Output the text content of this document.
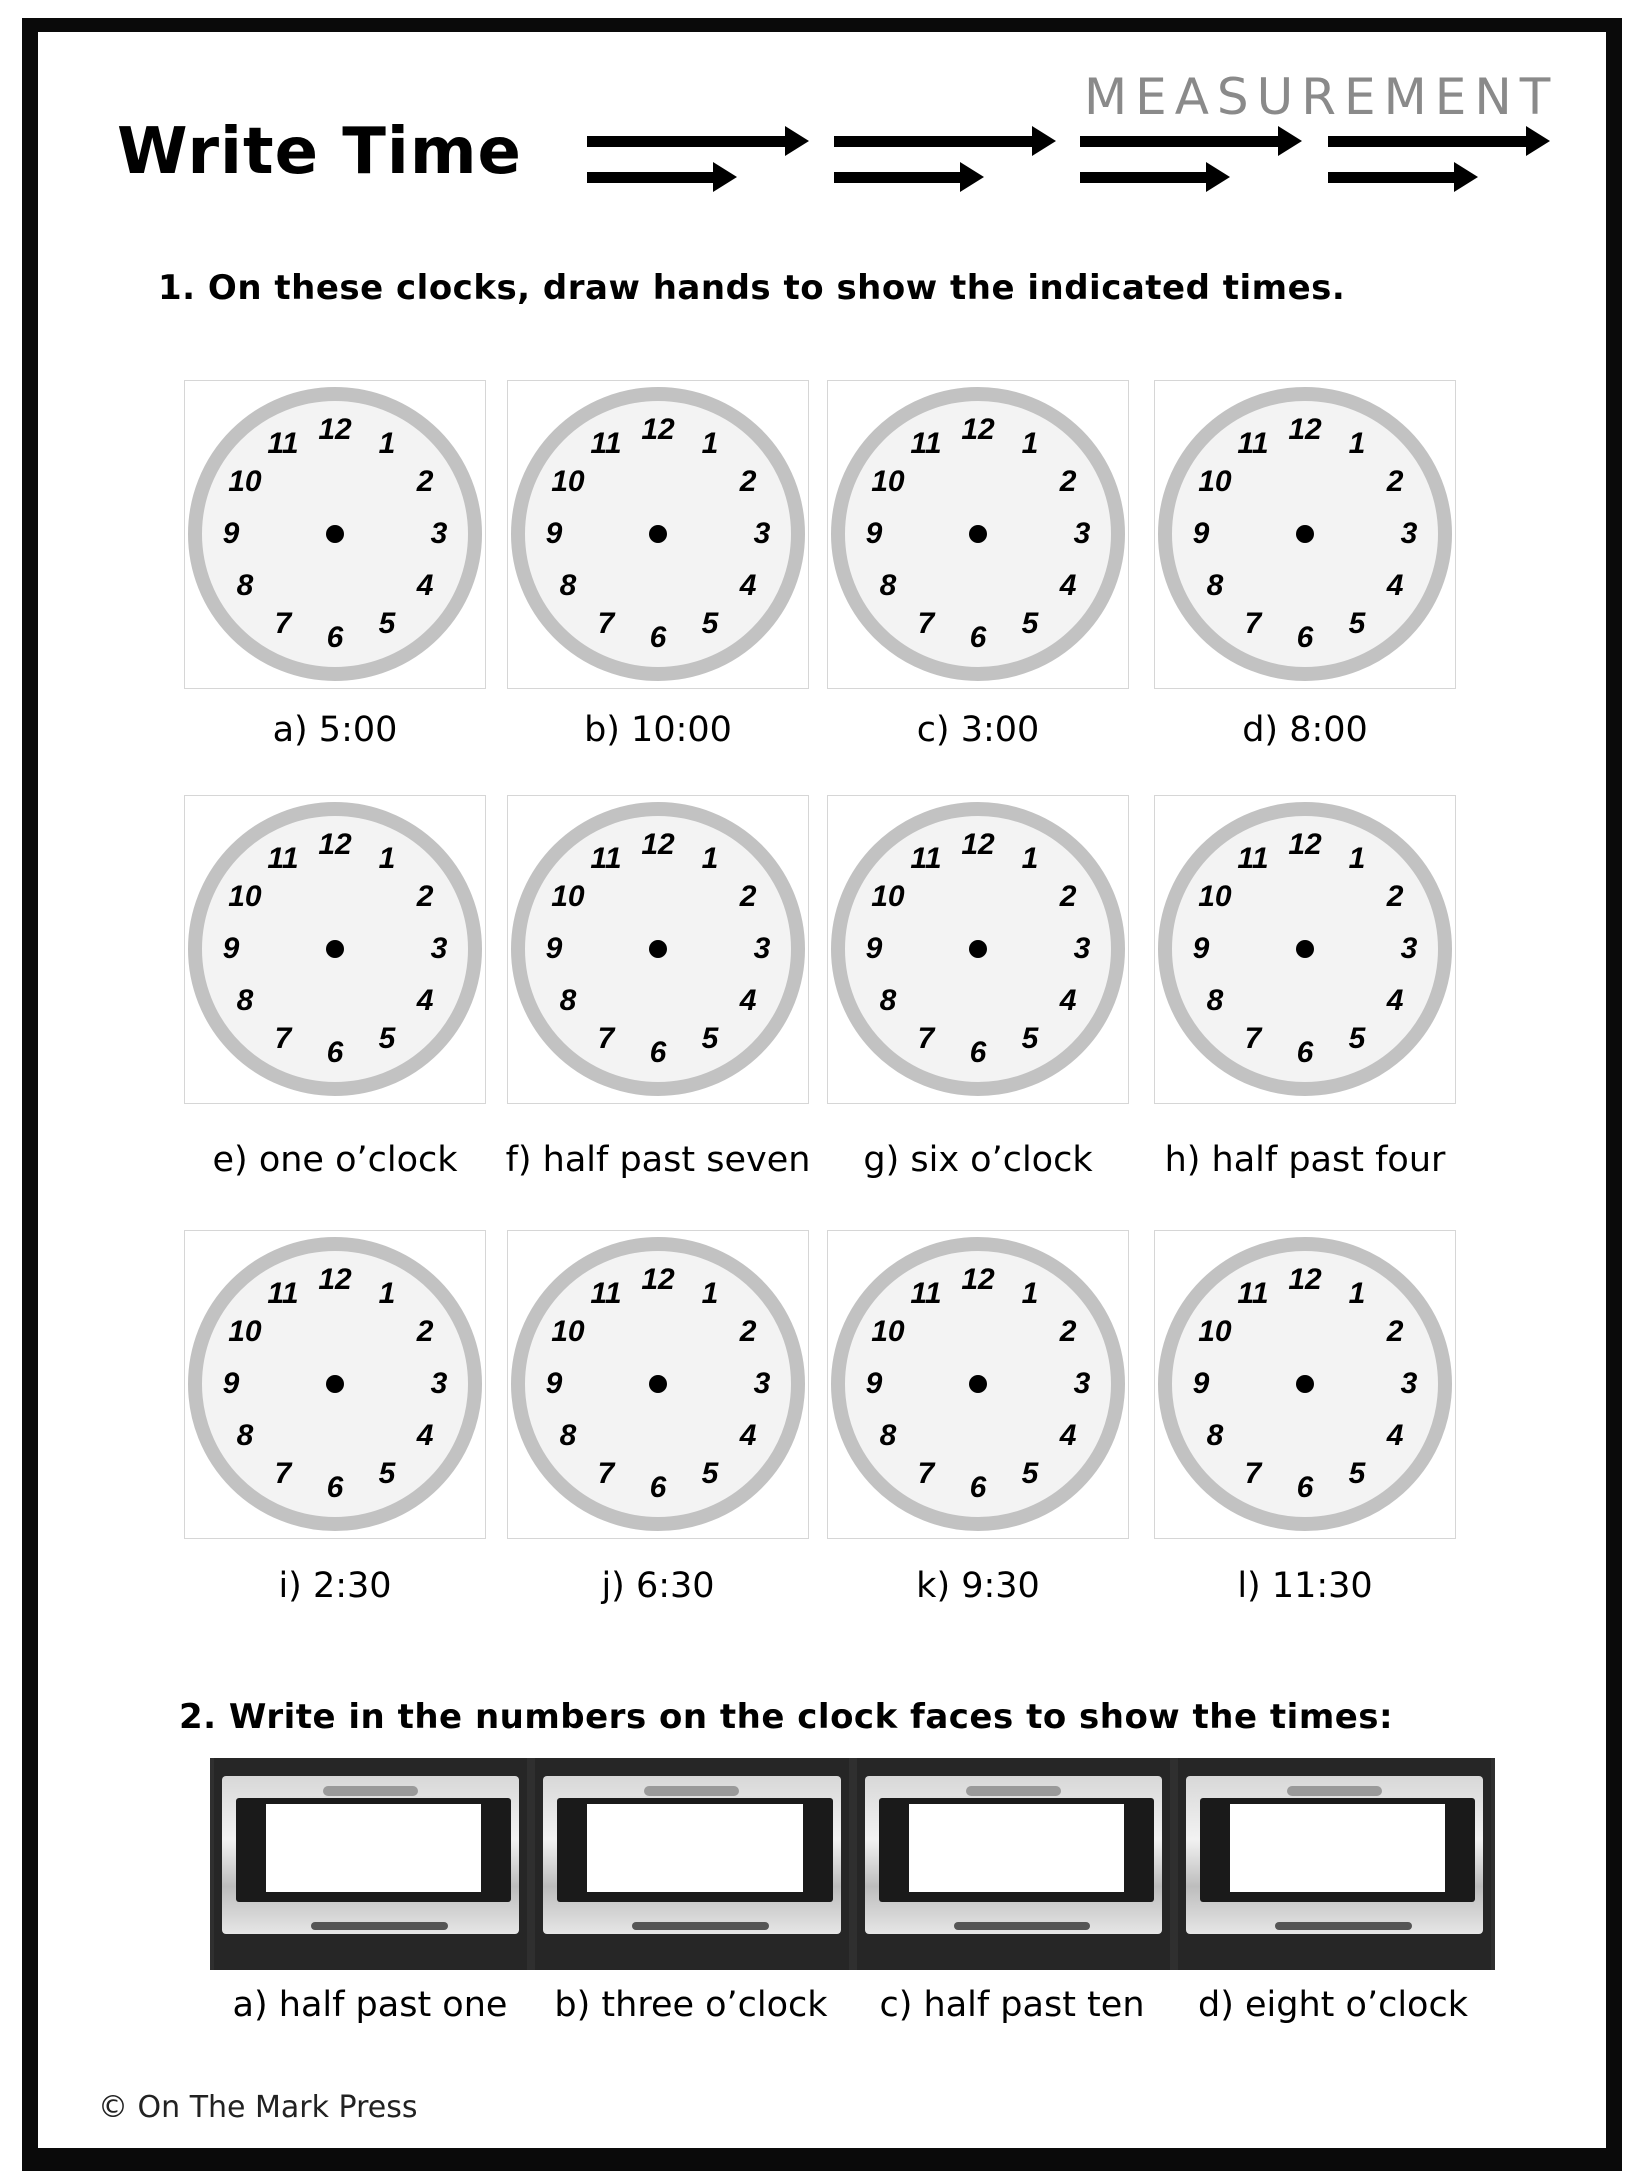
Write Time
MEASUREMENT
1. On these clocks, draw hands to show the indicated times.
12 1
2
3
4
5
6
7
8
9
10
11
a) 5:00
12 1
2
3
4
5
6
7
8
9
10
11
b) 10:00
12 1
2
3
4
5
6
7
8
9
10
11
c) 3:00
12 1
2
3
4
5
6
7
8
9
10
11
d) 8:00
12 1
2
3
4
5
6
7
8
9
10
11
e) one o’clock
12 1
2
3
4
5
6
7
8
9
10
11
f) half past seven
12 1
2
3
4
5
6
7
8
9
10
11
g) six o’clock
12 1
2
3
4
5
6
7
8
9
10
11
h) half past four
12 1
2
3
4
5
6
7
8
9
10
11
i) 2:30
12 1
2
3
4
5
6
7
8
9
10
11
j) 6:30
12 1
2
3
4
5
6
7
8
9
10
11
k) 9:30
12 1
2
3
4
5
6
7
8
9
10
11
l) 11:30
2. Write in the numbers on the clock faces to show the times:
a) half past one	b) three o’clock	c) half past ten	d) eight o’clock
© On The Mark Press
